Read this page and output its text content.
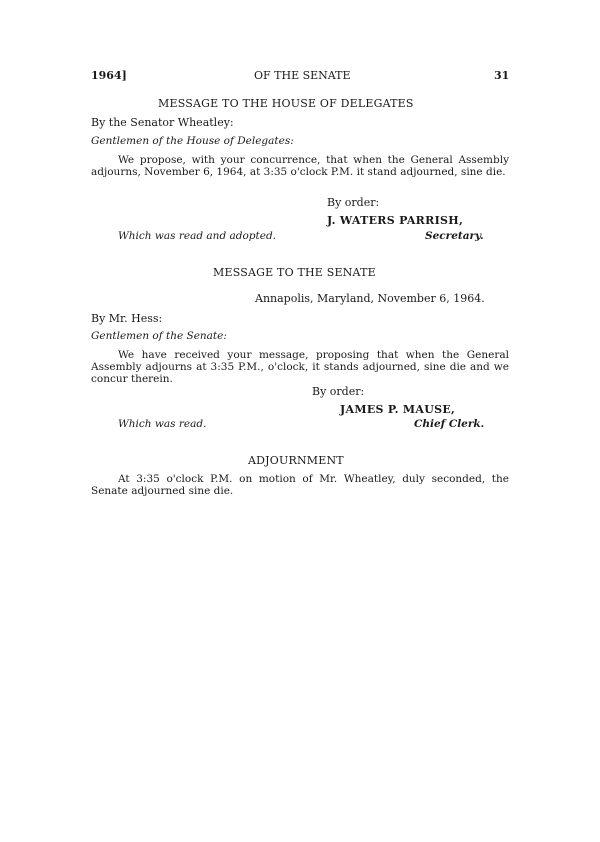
1964]	OF THE SENATE	31
MESSAGE TO THE HOUSE OF DELEGATES
By the Senator Wheatley:
Gentlemen of the House of Delegates:
We propose, with your concurrence, that when the General Assembly adjourns, November 6, 1964, at 3:35 o'clock P.M. it stand adjourned, sine die.
By order:
J. WATERS PARRISH,
Which was read and adopted.	Secretary.
MESSAGE TO THE SENATE
Annapolis, Maryland, November 6, 1964.
By Mr. Hess:
Gentlemen of the Senate:
We have received your message, proposing that when the General Assembly adjourns at 3:35 P.M., o'clock, it stands adjourned, sine die and we concur therein.
By order:
JAMES P. MAUSE,
Which was read.	Chief Clerk.
ADJOURNMENT
At 3:35 o'clock P.M. on motion of Mr. Wheatley, duly seconded, the Senate adjourned sine die.
